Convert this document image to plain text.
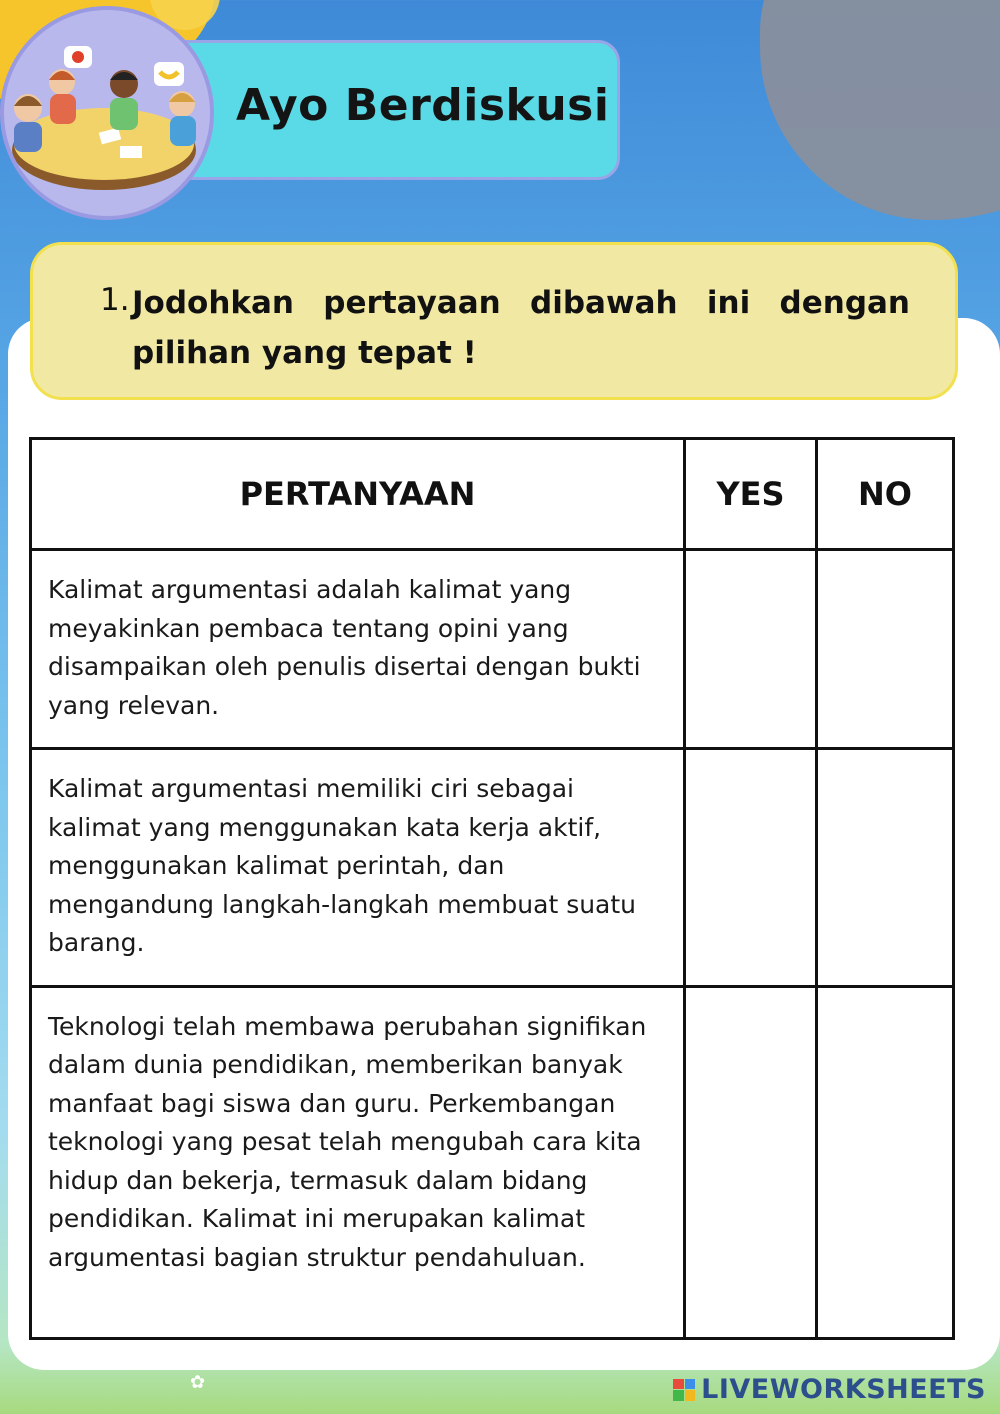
Ayo Berdiskusi
1. Jodohkan pertayaan dibawah ini dengan pilihan yang tepat !
PERTANYAAN	YES	NO
Kalimat argumentasi adalah kalimat yang meyakinkan pembaca tentang opini yang disampaikan oleh penulis disertai dengan bukti yang relevan.		
Kalimat argumentasi memiliki ciri sebagai kalimat yang menggunakan kata kerja aktif, menggunakan kalimat perintah, dan mengandung langkah-langkah membuat suatu barang.		
Teknologi telah membawa perubahan signifikan dalam dunia pendidikan, memberikan banyak manfaat bagi siswa dan guru. Perkembangan teknologi yang pesat telah mengubah cara kita hidup dan bekerja, termasuk dalam bidang pendidikan. Kalimat ini merupakan kalimat argumentasi bagian struktur pendahuluan.		
✿	LIVEWORKSHEETS
